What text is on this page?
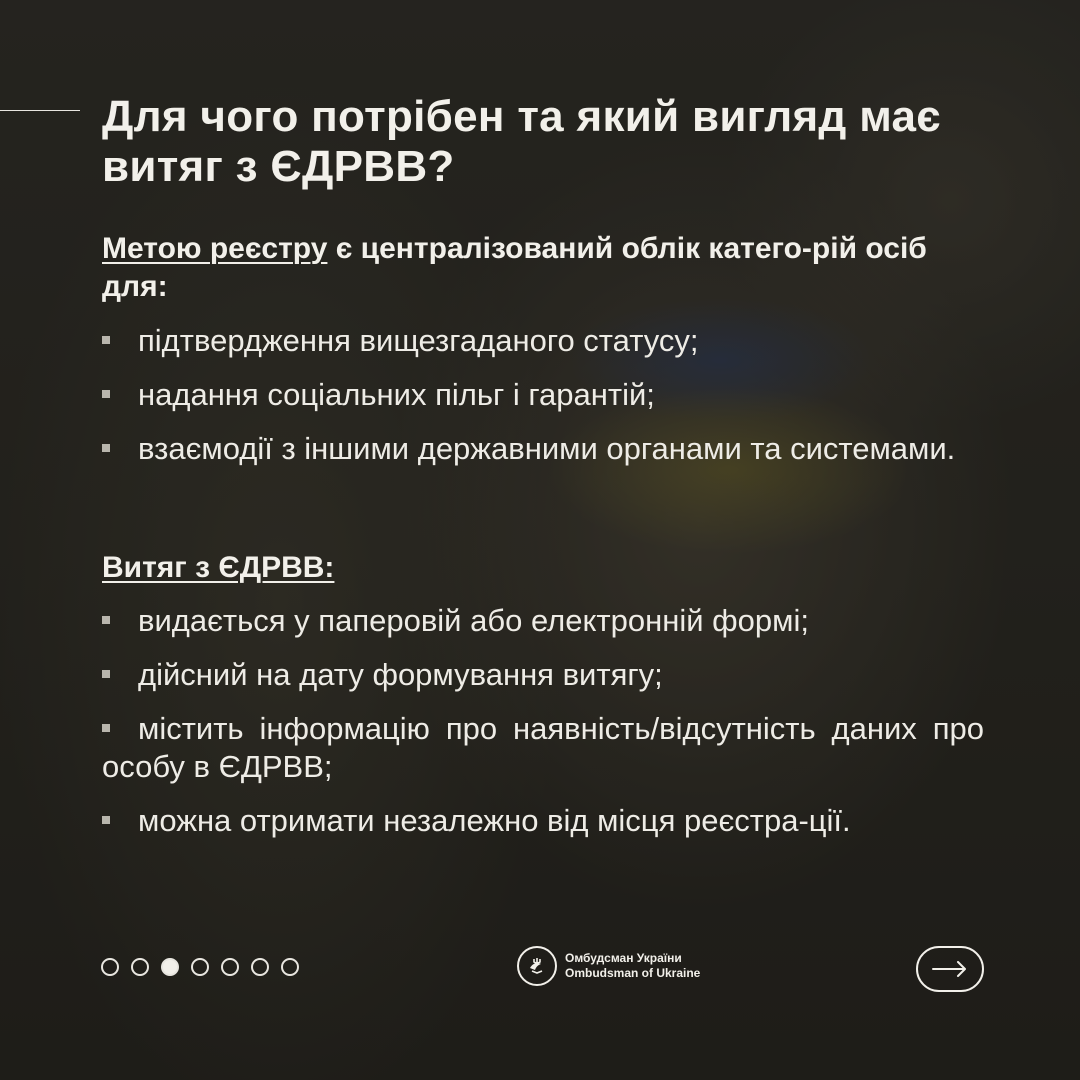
Для чого потрібен та який вигляд має витяг з ЄДРВВ?

Метою реєстру є централізований облік катего-рій осіб для:

підтвердження вищезгаданого статусу;
надання соціальних пільг і гарантій;
взаємодії з іншими державними органами та системами.

Витяг з ЄДРВВ:

видається у паперовій або електронній формі;
дійсний на дату формування витягу;
містить інформацію про наявність/відсутність даних про особу в ЄДРВВ;
можна отримати незалежно від місця реєстра-ції.
Омбудсман України
Ombudsman of Ukraine
